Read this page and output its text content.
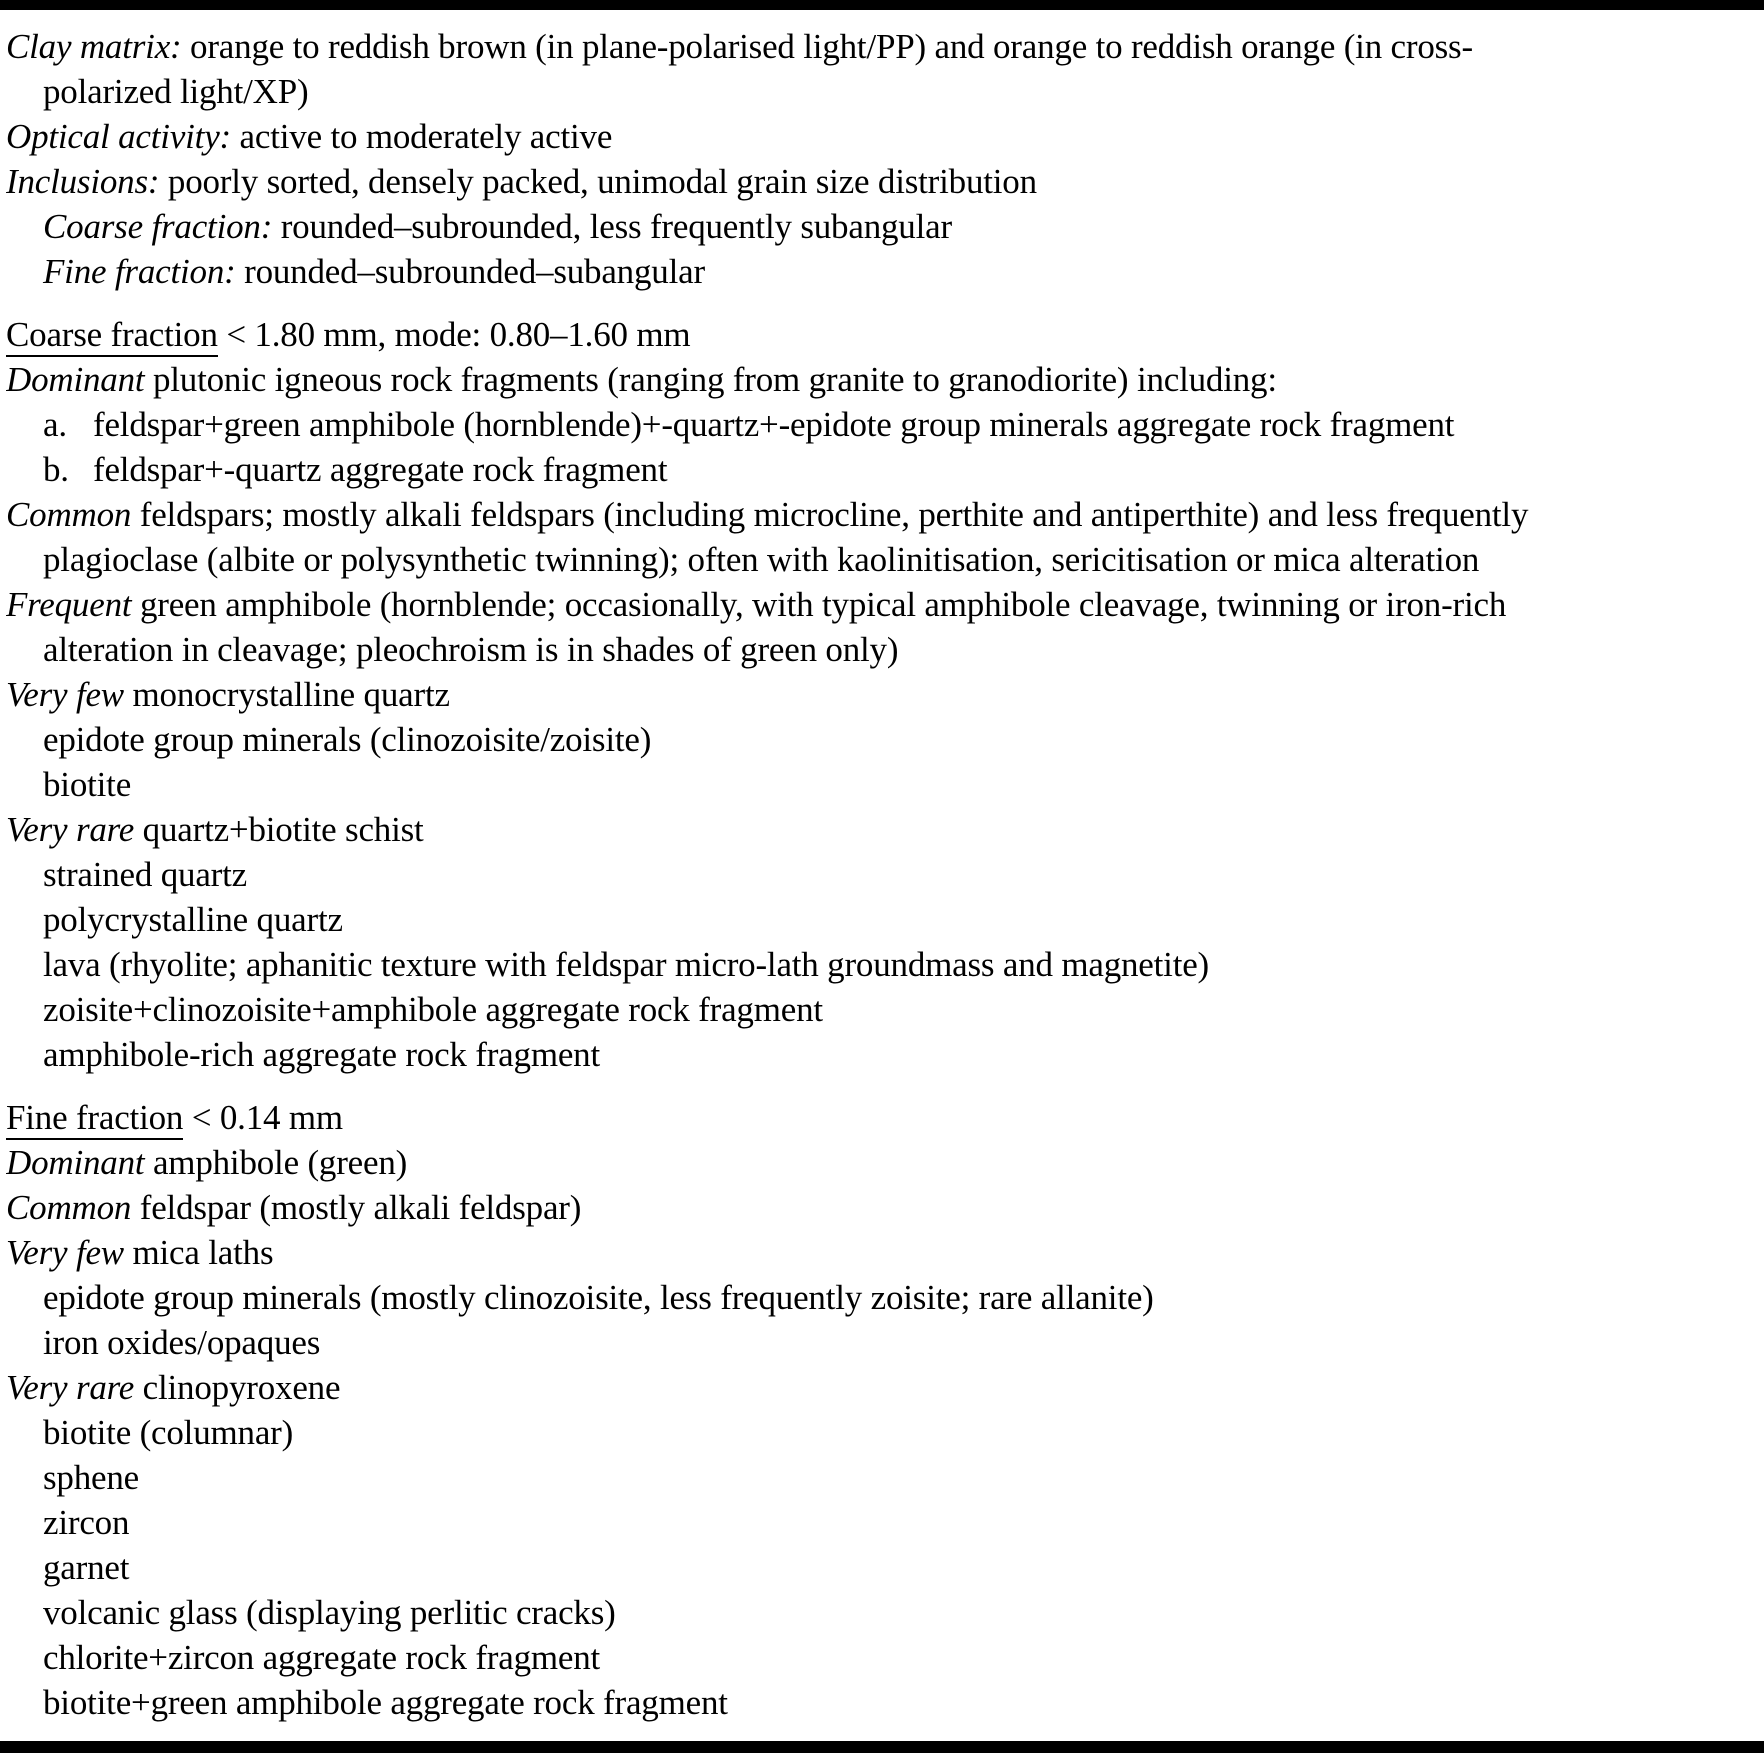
Clay matrix: orange to reddish brown (in plane-polarised light/PP) and orange to reddish orange (in cross-

polarized light/XP)

Optical activity: active to moderately active

Inclusions: poorly sorted, densely packed, unimodal grain size distribution

Coarse fraction: rounded–subrounded, less frequently subangular

Fine fraction: rounded–subrounded–subangular

Coarse fraction < 1.80 mm, mode: 0.80–1.60 mm

Dominant plutonic igneous rock fragments (ranging from granite to granodiorite) including:

a. feldspar+green amphibole (hornblende)+-quartz+-epidote group minerals aggregate rock fragment

b. feldspar+-quartz aggregate rock fragment

Common feldspars; mostly alkali feldspars (including microcline, perthite and antiperthite) and less frequently

plagioclase (albite or polysynthetic twinning); often with kaolinitisation, sericitisation or mica alteration

Frequent green amphibole (hornblende; occasionally, with typical amphibole cleavage, twinning or iron-rich

alteration in cleavage; pleochroism is in shades of green only)

Very few monocrystalline quartz

epidote group minerals (clinozoisite/zoisite)

biotite

Very rare quartz+biotite schist

strained quartz

polycrystalline quartz

lava (rhyolite; aphanitic texture with feldspar micro-lath groundmass and magnetite)

zoisite+clinozoisite+amphibole aggregate rock fragment

amphibole-rich aggregate rock fragment

Fine fraction < 0.14 mm

Dominant amphibole (green)

Common feldspar (mostly alkali feldspar)

Very few mica laths

epidote group minerals (mostly clinozoisite, less frequently zoisite; rare allanite)

iron oxides/opaques

Very rare clinopyroxene

biotite (columnar)

sphene

zircon

garnet

volcanic glass (displaying perlitic cracks)

chlorite+zircon aggregate rock fragment

biotite+green amphibole aggregate rock fragment
